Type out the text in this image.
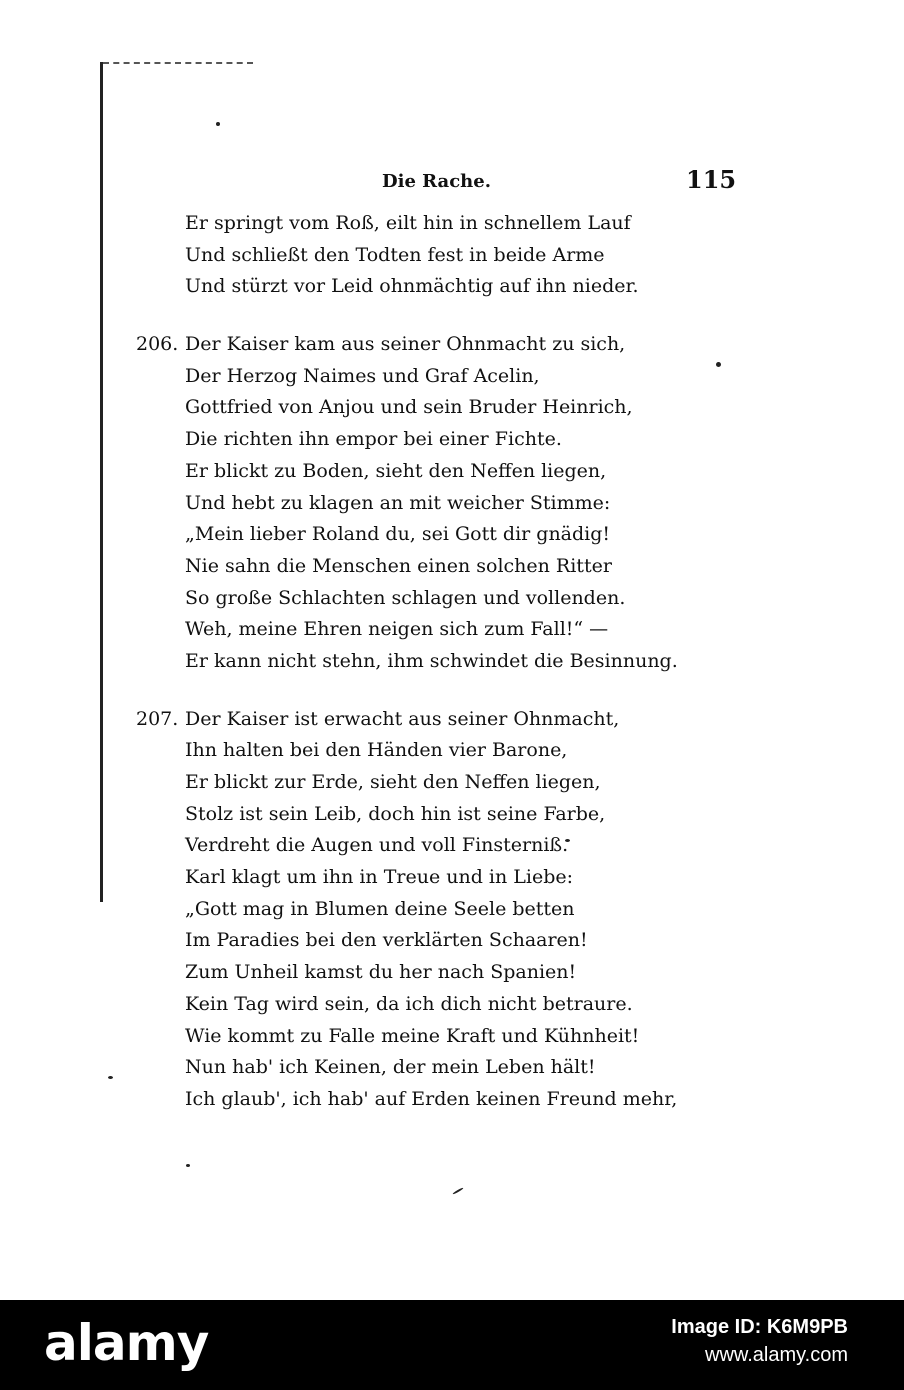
Die Rache.	115
Er springt vom Roß, eilt hin in schnellem Lauf
Und schließt den Todten fest in beide Arme
Und stürzt vor Leid ohnmächtig auf ihn nieder.
206. Der Kaiser kam aus seiner Ohnmacht zu sich,
Der Herzog Naimes und Graf Acelin,
Gottfried von Anjou und sein Bruder Heinrich,
Die richten ihn empor bei einer Fichte.
Er blickt zu Boden, sieht den Neffen liegen,
Und hebt zu klagen an mit weicher Stimme:
„Mein lieber Roland du, sei Gott dir gnädig!
Nie sahn die Menschen einen solchen Ritter
So große Schlachten schlagen und vollenden.
Weh, meine Ehren neigen sich zum Fall!“ —
Er kann nicht stehn, ihm schwindet die Besinnung.
207. Der Kaiser ist erwacht aus seiner Ohnmacht,
Ihn halten bei den Händen vier Barone,
Er blickt zur Erde, sieht den Neffen liegen,
Stolz ist sein Leib, doch hin ist seine Farbe,
Verdreht die Augen und voll Finsterniß.
Karl klagt um ihn in Treue und in Liebe:
„Gott mag in Blumen deine Seele betten
Im Paradies bei den verklärten Schaaren!
Zum Unheil kamst du her nach Spanien!
Kein Tag wird sein, da ich dich nicht betraure.
Wie kommt zu Falle meine Kraft und Kühnheit!
Nun hab' ich Keinen, der mein Leben hält!
Ich glaub', ich hab' auf Erden keinen Freund mehr,
alamy	Image ID: K6M9PB
www.alamy.com
